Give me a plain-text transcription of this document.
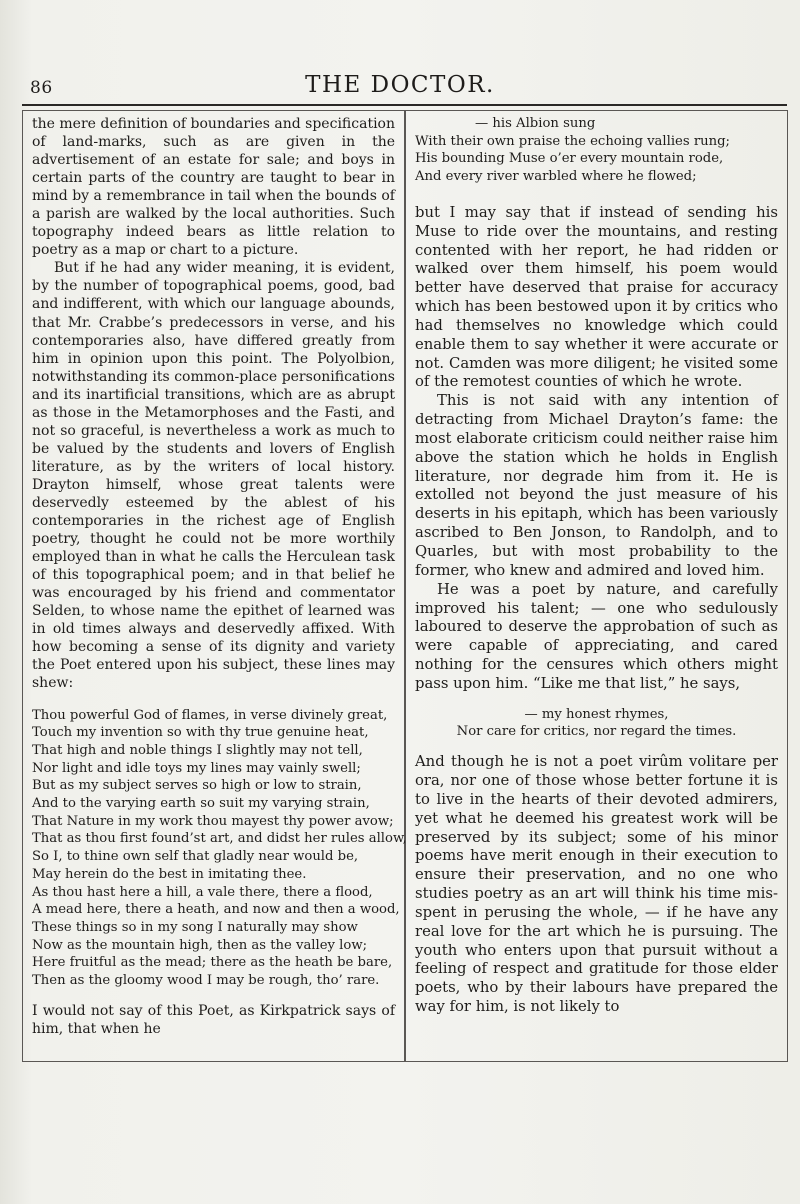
86	THE DOCTOR.

the mere definition of boundaries and specification of land-marks, such as are given in the advertisement of an estate for sale; and boys in certain parts of the country are taught to bear in mind by a remembrance in tail when the bounds of a parish are walked by the local authorities. Such topography indeed bears as little relation to poetry as a map or chart to a picture.

But if he had any wider meaning, it is evident, by the number of topographical poems, good, bad and indifferent, with which our language abounds, that Mr. Crabbe’s predecessors in verse, and his contemporaries also, have differed greatly from him in opinion upon this point. The Polyolbion, notwithstanding its common-place personifications and its inartificial transitions, which are as abrupt as those in the Metamorphoses and the Fasti, and not so graceful, is nevertheless a work as much to be valued by the students and lovers of English literature, as by the writers of local history. Drayton himself, whose great talents were deservedly esteemed by the ablest of his contemporaries in the richest age of English poetry, thought he could not be more worthily employed than in what he calls the Herculean task of this topographical poem; and in that belief he was encouraged by his friend and commentator Selden, to whose name the epithet of learned was in old times always and deservedly affixed. With how becoming a sense of its dignity and variety the Poet entered upon his subject, these lines may shew:

Thou powerful God of flames, in verse divinely great,
Touch my invention so with thy true genuine heat,
That high and noble things I slightly may not tell,
Nor light and idle toys my lines may vainly swell;
But as my subject serves so high or low to strain,
And to the varying earth so suit my varying strain,
That Nature in my work thou mayest thy power avow;
That as thou first found’st art, and didst her rules allow,
So I, to thine own self that gladly near would be,
May herein do the best in imitating thee.
As thou hast here a hill, a vale there, there a flood,
A mead here, there a heath, and now and then a wood,
These things so in my song I naturally may show
Now as the mountain high, then as the valley low;
Here fruitful as the mead; there as the heath be bare,
Then as the gloomy wood I may be rough, tho’ rare.

I would not say of this Poet, as Kirkpatrick says of him, that when he

— his Albion sung
With their own praise the echoing vallies rung;
His bounding Muse o’er every mountain rode,
And every river warbled where he flowed;

but I may say that if instead of sending his Muse to ride over the mountains, and resting contented with her report, he had ridden or walked over them himself, his poem would better have deserved that praise for accuracy which has been bestowed upon it by critics who had themselves no knowledge which could enable them to say whether it were accurate or not. Camden was more diligent; he visited some of the remotest counties of which he wrote.

This is not said with any intention of detracting from Michael Drayton’s fame: the most elaborate criticism could neither raise him above the station which he holds in English literature, nor degrade him from it. He is extolled not beyond the just measure of his deserts in his epitaph, which has been variously ascribed to Ben Jonson, to Randolph, and to Quarles, but with most probability to the former, who knew and admired and loved him.

He was a poet by nature, and carefully improved his talent; — one who sedulously laboured to deserve the approbation of such as were capable of appreciating, and cared nothing for the censures which others might pass upon him. “Like me that list,” he says,

— my honest rhymes,
Nor care for critics, nor regard the times.

And though he is not a poet virûm volitare per ora, nor one of those whose better fortune it is to live in the hearts of their devoted admirers, yet what he deemed his greatest work will be preserved by its subject; some of his minor poems have merit enough in their execution to ensure their preservation, and no one who studies poetry as an art will think his time mis-spent in perusing the whole, — if he have any real love for the art which he is pursuing. The youth who enters upon that pursuit without a feeling of respect and gratitude for those elder poets, who by their labours have prepared the way for him, is not likely to
